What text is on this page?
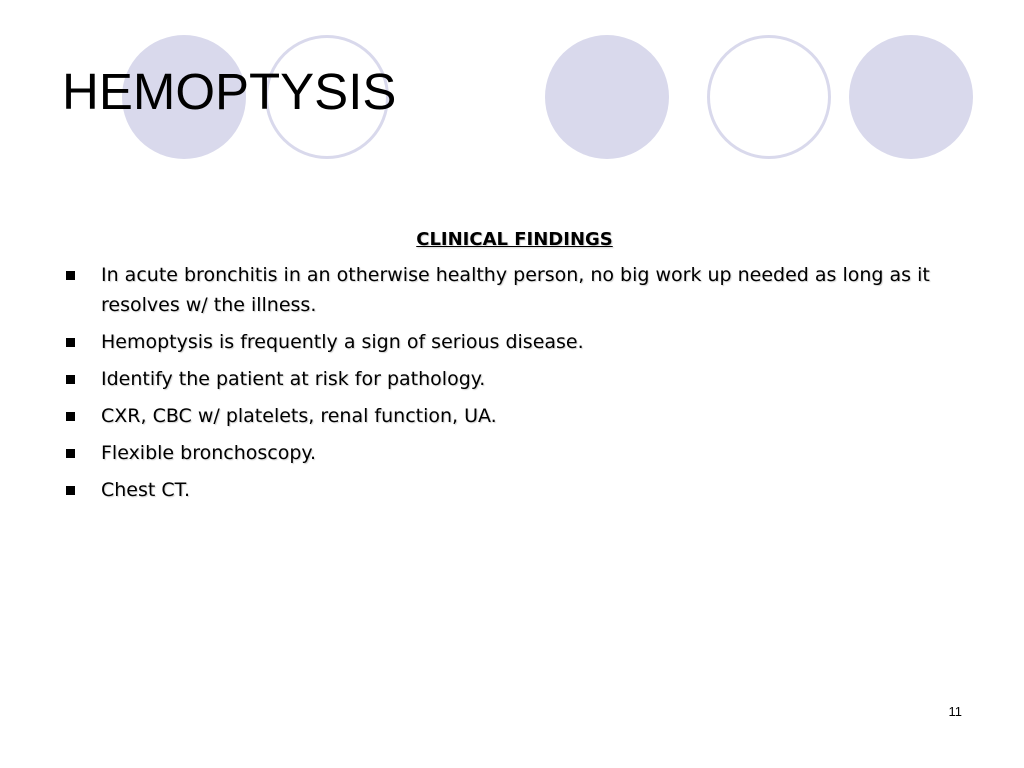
HEMOPTYSIS
CLINICAL FINDINGS
In acute bronchitis in an otherwise healthy person, no big work up needed as long as it resolves w/ the illness.
Hemoptysis is frequently a sign of serious disease.
Identify the patient at risk for pathology.
CXR, CBC w/ platelets, renal function, UA.
Flexible bronchoscopy.
Chest CT.
11
